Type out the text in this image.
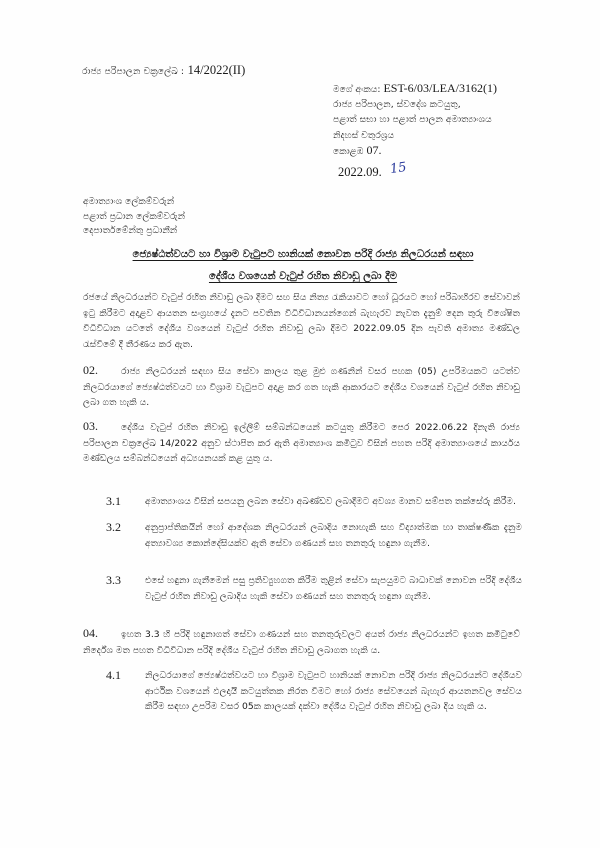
රාජ්‍ය පරිපාලන චක්‍රලේඛ : 14/2022(II)
මගේ අංකය: EST-6/03/LEA/3162(1)
රාජ්‍ය පරිපාලන, ස්වදේශ කටයුතු,
පළාත් සභා හා පළාත් පාලන අමාත්‍යාංශය
නිදහස් චතුරශ්‍රය
කොළඹ 07.
2022.09. 15
අමාත්‍යාංශ ලේකම්වරුන්
පළාත් ප්‍රධාන ලේකම්වරුන්
දෙපාර්තමේන්තු ප්‍රධානීන්
ජ්‍යෙෂ්ඨත්වයට හා විශ්‍රාම වැටුපට හානියක් නොවන පරිදි රාජ්‍ය නිලධරයන් සඳහා
දේශීය වශයෙන් වැටුප් රහිත නිවාඩු ලබා දීම
රජයේ නිලධරයන්ට වැටුප් රහිත නිවාඩු ලබා දීමට සහ සිය නිත්‍ය රැකියාවට හෝ ධූරයට හෝ පරිබාහිරව සේවාවන් ඉටු කිරීමට අදාළව ආයතන සංග්‍රහයේ දැනට පවතින විධිවිධානයන්ගෙන් බැහැරව නැවත දැනුම් දෙන තුරු විශේෂිත විධිවිධාන යටතේ දේශීය වශයෙන් වැටුප් රහිත නිවාඩු ලබා දීමට 2022.09.05 දින පැවති අමාත්‍ය මණ්ඩල රැස්වීමේ දී තීරණය කර ඇත.
02.	රාජ්‍ය නිලධරයන් සඳහා සිය සේවා කාලය තුළ මුළු ගණනින් වසර පහක (05) උපරිමයකට යටත්ව නිලධරයාගේ ජ්‍යෙෂ්ඨත්වයට හා විශ්‍රාම වැටුපට අදාළ කර ගත හැකි ආකාරයට දේශීය වශයෙන් වැටුප් රහිත නිවාඩු ලබා ගත හැකි ය.
03.	දේශීය වැටුප් රහිත නිවාඩු ඉල්ලීම් සම්බන්ධයෙන් කටයුතු කිරීමට පෙර 2022.06.22 දිනැති රාජ්‍ය පරිපාලන චක්‍රලේඛ 14/2022 අනුව ස්ථාපිත කර ඇති අමාත්‍යාංශ කමිටුව විසින් පහත පරිදි අමාත්‍යාංශයේ කාර්යය මණ්ඩලය සම්බන්ධයෙන් අධ්‍යයනයක් කළ යුතු ය.
3.1	අමාත්‍යාංශය විසින් සපයනු ලබන සේවා අඛණ්ඩව ලබාදීමට අවශ්‍ය මානව සම්පත තක්සේරු කිරීම.
3.2	අනුප්‍රාප්තිකයින් හෝ ආදේශක නිලධරයන් ලබාදිය නොහැකි සහ විද්‍යාත්මක හා තාක්ෂණික දැනුම අත්‍යාවශ්‍ය කොන්දේසියක්ව ඇති සේවා ගණයන් සහ තනතුරු හඳුනා ගැනීම.
3.3	එසේ හඳුනා ගැනීමෙන් පසු ප්‍රතිව්‍යුහගත කිරීම තුළින් සේවා සැපයුමට බාධාවක් නොවන පරිදි දේශීය වැටුප් රහිත නිවාඩු ලබාදිය හැකි සේවා ගණයන් සහ තනතුරු හඳුනා ගැනීම.
04.	ඉහත 3.3 හි පරිදි හඳුනාගත් සේවා ගණයන් සහ තනතුරුවලට අයත් රාජ්‍ය නිලධරයන්ට ඉහත කමිටුවේ නිර්දේශ මත පහත විධිවිධාන පරිදි දේශීය වැටුප් රහිත නිවාඩු ලබාගත හැකි ය.
4.1	නිලධරයාගේ ජ්‍යෙෂ්ඨත්වයට හා විශ්‍රාම වැටුපට හානියක් නොවන පරිදි රාජ්‍ය නිලධරයන්ට දේශීයව ආර්ථික වශයෙන් ඵලදායී කටයුත්තක නිරත වීමට හෝ රාජ්‍ය සේවයෙන් බැහැර ආයතනවල සේවය කිරීම සඳහා උපරිම වසර 05ක කාලයක් දක්වා දේශීය වැටුප් රහිත නිවාඩු ලබා දිය හැකි ය.
